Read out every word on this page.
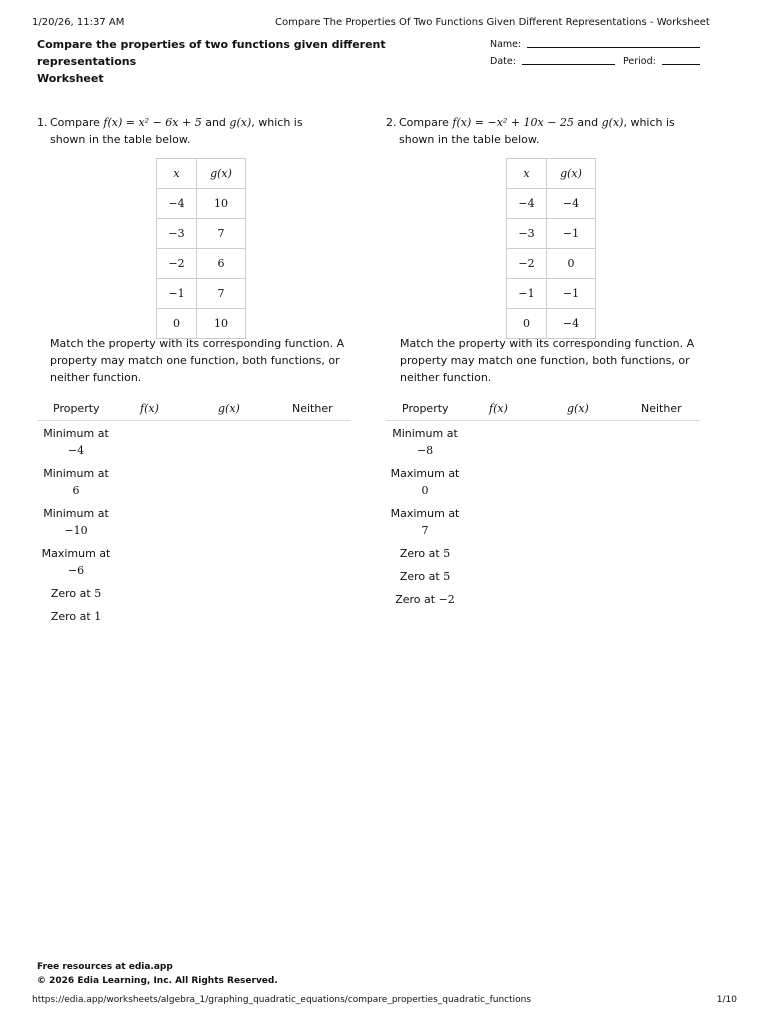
1/20/26, 11:37 AM	Compare The Properties Of Two Functions Given Different Representations - Worksheet
Compare the properties of two functions given different representations
Worksheet
Name:
Date:	Period:
1. Compare f(x) = x² − 6x + 5 and g(x), which is
shown in the table below.
x	g(x)
−4	10
−3	7
−2	6
−1	7
0	10
Match the property with its corresponding function. A property may match one function, both functions, or neither function.
Property	f(x)	g(x)	Neither
Minimum at
−4
Minimum at
6
Minimum at
−10
Maximum at
−6
Zero at 5
Zero at 1
2. Compare f(x) = −x² + 10x − 25 and g(x), which is
shown in the table below.
x	g(x)
−4	−4
−3	−1
−2	0
−1	−1
0	−4
Match the property with its corresponding function. A property may match one function, both functions, or neither function.
Property	f(x)	g(x)	Neither
Minimum at
−8
Maximum at
0
Maximum at
7
Zero at 5
Zero at 5
Zero at −2
Free resources at edia.app
© 2026 Edia Learning, Inc. All Rights Reserved.
https://edia.app/worksheets/algebra_1/graphing_quadratic_equations/compare_properties_quadratic_functions	1/10
